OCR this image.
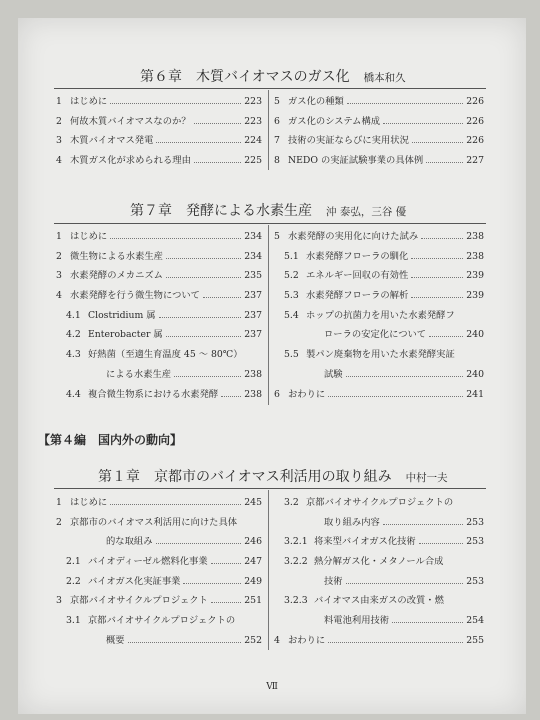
第６章　木質バイオマスのガス化 橋本和久
1 はじめに	223
2 何故木質バイオマスなのか？	223
3 木質バイオマス発電	224
4 木質ガス化が求められる理由	225
5 ガス化の種類	226
6 ガス化のシステム構成	226
7 技術の実証ならびに実用状況	226
8 NEDO の実証試験事業の具体例	227
第７章　発酵による水素生産 沖 泰弘，三谷 優
1 はじめに	234
2 微生物による水素生産	234
3 水素発酵のメカニズム	235
4 水素発酵を行う微生物について	237
4.1 Clostridium 属	237
4.2 Enterobacter 属	237
4.3 好熱菌（至適生育温度 45 ～ 80℃）
による水素生産	238
4.4 複合微生物系における水素発酵	238
5 水素発酵の実用化に向けた試み	238
5.1 水素発酵フローラの馴化	238
5.2 エネルギー回収の有効性	239
5.3 水素発酵フローラの解析	239
5.4 ホップの抗菌力を用いた水素発酵フ
ローラの安定化について	240
5.5 製パン廃棄物を用いた水素発酵実証
試験	240
6 おわりに	241
【第４編　国内外の動向】
第１章　京都市のバイオマス利活用の取り組み 中村一夫
1 はじめに	245
2 京都市のバイオマス利活用に向けた具体
的な取組み	246
2.1 バイオディーゼル燃料化事業	247
2.2 バイオガス化実証事業	249
3 京都バイオサイクルプロジェクト	251
3.1 京都バイオサイクルプロジェクトの
概要	252
3.2 京都バイオサイクルプロジェクトの
取り組み内容	253
3.2.1 将来型バイオガス化技術	253
3.2.2 熱分解ガス化・メタノール合成
技術	253
3.2.3 バイオマス由来ガスの改質・燃
料電池利用技術	254
4 おわりに	255
Ⅶ
